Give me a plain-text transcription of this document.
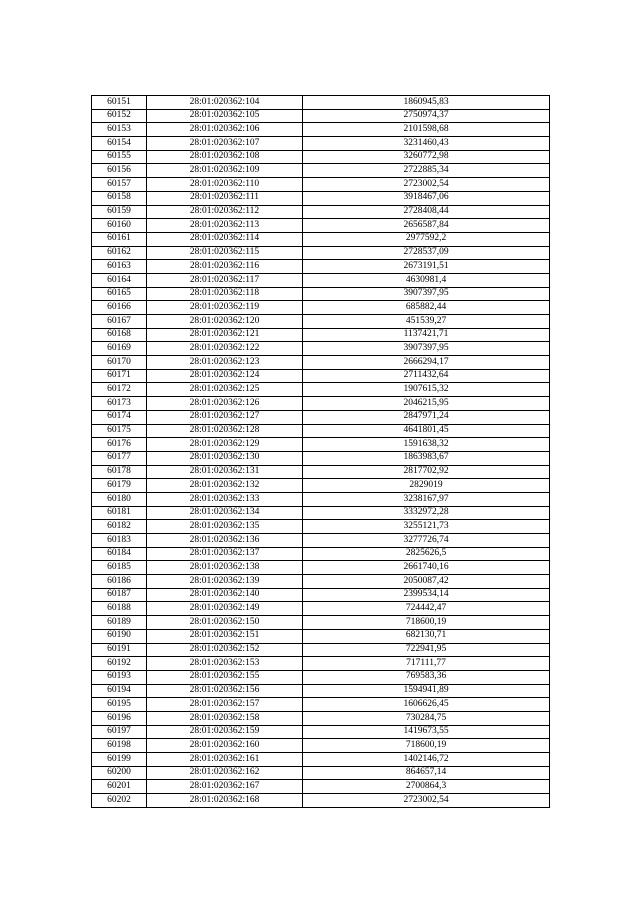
60151	28:01:020362:104	1860945,83
60152	28:01:020362:105	2750974,37
60153	28:01:020362:106	2101598,68
60154	28:01:020362:107	3231460,43
60155	28:01:020362:108	3260772,98
60156	28:01:020362:109	2722885,34
60157	28:01:020362:110	2723002,54
60158	28:01:020362:111	3918467,06
60159	28:01:020362:112	2728408,44
60160	28:01:020362:113	2656587,84
60161	28:01:020362:114	2977592,2
60162	28:01:020362:115	2728537,09
60163	28:01:020362:116	2673191,51
60164	28:01:020362:117	4630981,4
60165	28:01:020362:118	3907397,95
60166	28:01:020362:119	685882,44
60167	28:01:020362:120	451539,27
60168	28:01:020362:121	1137421,71
60169	28:01:020362:122	3907397,95
60170	28:01:020362:123	2666294,17
60171	28:01:020362:124	2711432,64
60172	28:01:020362:125	1907615,32
60173	28:01:020362:126	2046215,95
60174	28:01:020362:127	2847971,24
60175	28:01:020362:128	4641801,45
60176	28:01:020362:129	1591638,32
60177	28:01:020362:130	1863983,67
60178	28:01:020362:131	2817702,92
60179	28:01:020362:132	2829019
60180	28:01:020362:133	3238167,97
60181	28:01:020362:134	3332972,28
60182	28:01:020362:135	3255121,73
60183	28:01:020362:136	3277726,74
60184	28:01:020362:137	2825626,5
60185	28:01:020362:138	2661740,16
60186	28:01:020362:139	2050087,42
60187	28:01:020362:140	2399534,14
60188	28:01:020362:149	724442,47
60189	28:01:020362:150	718600,19
60190	28:01:020362:151	682130,71
60191	28:01:020362:152	722941,95
60192	28:01:020362:153	717111,77
60193	28:01:020362:155	769583,36
60194	28:01:020362:156	1594941,89
60195	28:01:020362:157	1606626,45
60196	28:01:020362:158	730284,75
60197	28:01:020362:159	1419673,55
60198	28:01:020362:160	718600,19
60199	28:01:020362:161	1402146,72
60200	28:01:020362:162	864657,14
60201	28:01:020362:167	2700864,3
60202	28:01:020362:168	2723002,54
